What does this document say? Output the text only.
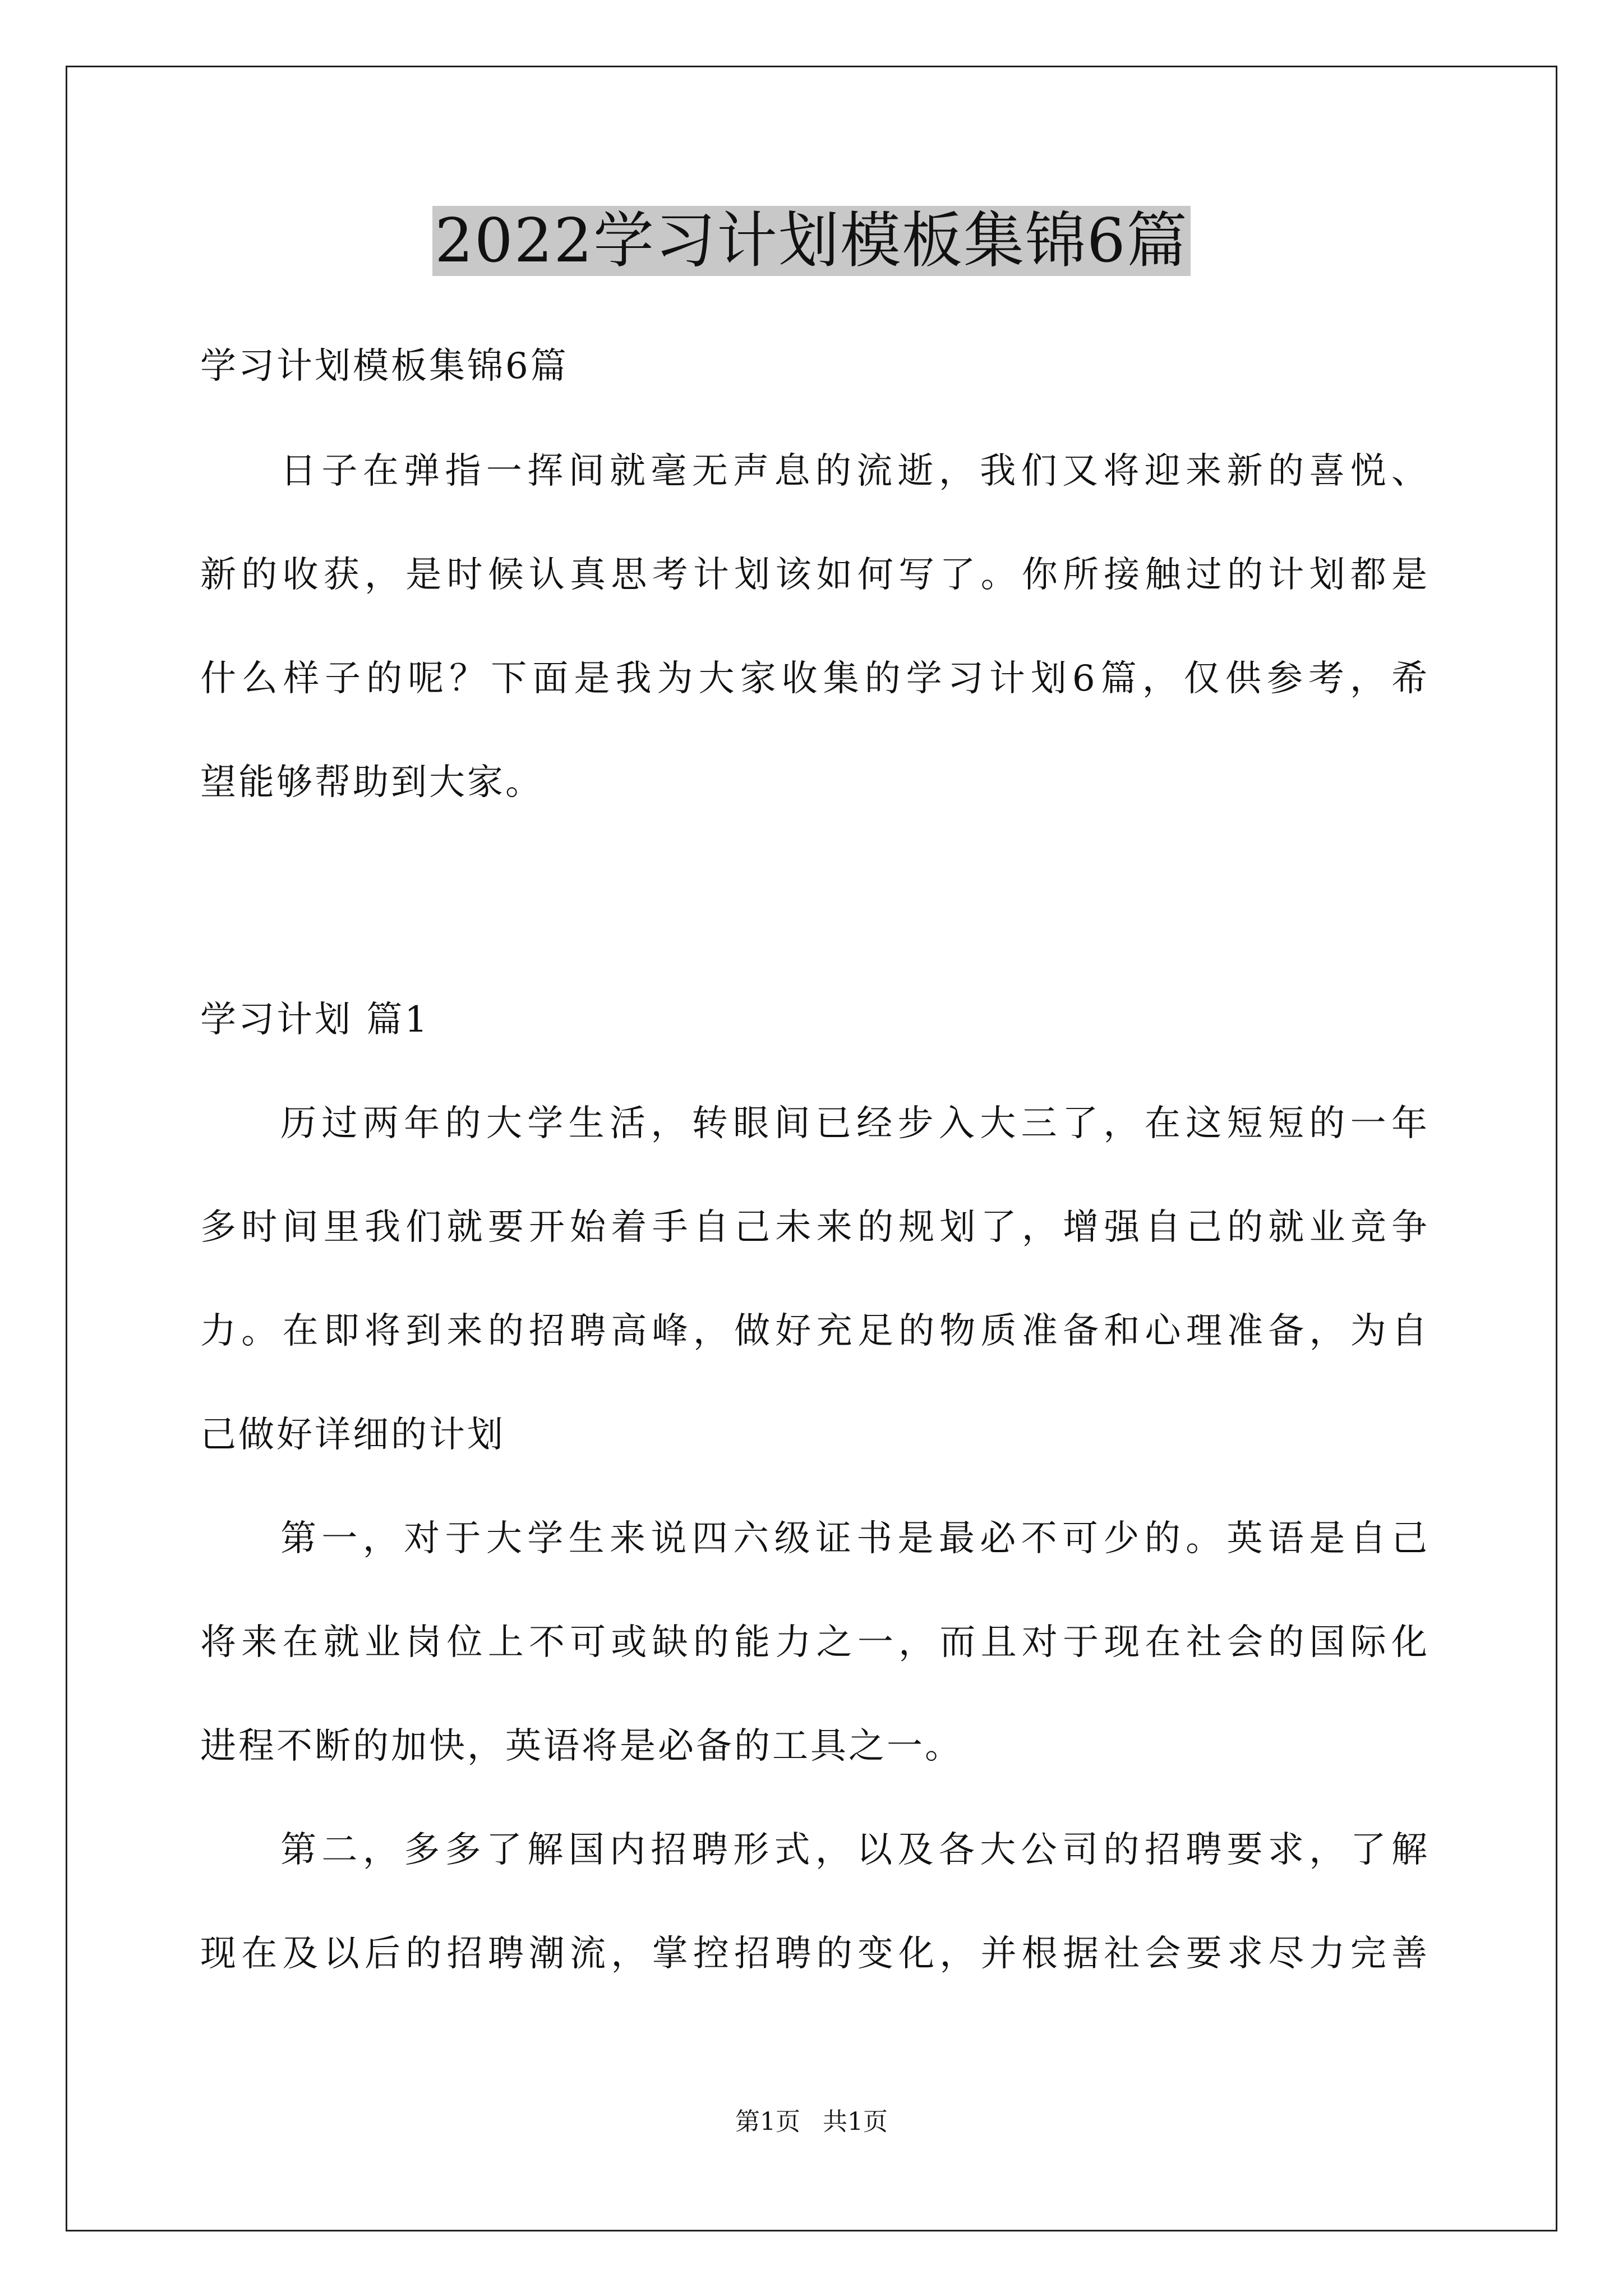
2022学习计划模板集锦6篇
学习计划模板集锦6篇
日子在弹指一挥间就毫无声息的流逝，我们又将迎来新的喜悦、
新的收获，是时候认真思考计划该如何写了。你所接触过的计划都是
什么样子的呢？下面是我为大家收集的学习计划6篇，仅供参考，希
望能够帮助到大家。
学习计划 篇1
历过两年的大学生活，转眼间已经步入大三了，在这短短的一年
多时间里我们就要开始着手自己未来的规划了，增强自己的就业竞争
力。在即将到来的招聘高峰，做好充足的物质准备和心理准备，为自
己做好详细的计划
第一，对于大学生来说四六级证书是最必不可少的。英语是自己
将来在就业岗位上不可或缺的能力之一，而且对于现在社会的国际化
进程不断的加快，英语将是必备的工具之一。
第二，多多了解国内招聘形式，以及各大公司的招聘要求，了解
现在及以后的招聘潮流，掌控招聘的变化，并根据社会要求尽力完善
第1页 共1页
